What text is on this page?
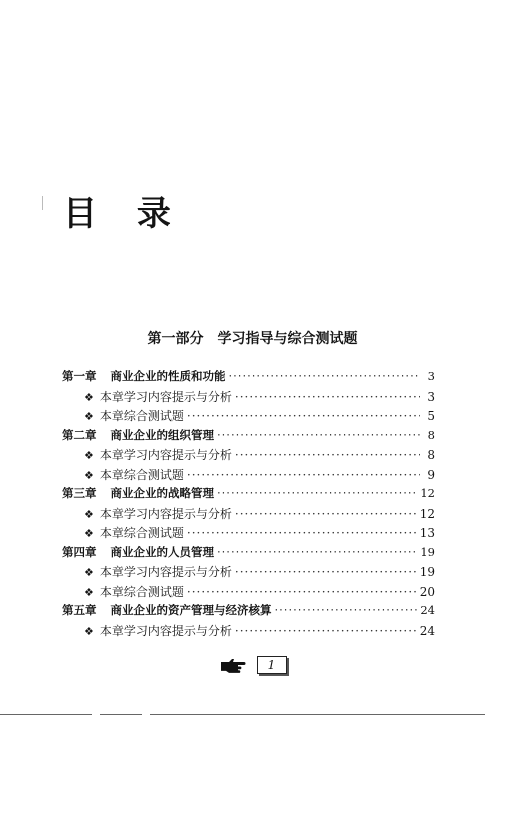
目 录
第一部分 学习指导与综合测试题
第一章 商业企业的性质和功能 ·····	3
❖ 本章学习内容提示与分析 ·····	3
❖ 本章综合测试题 ·····	5
第二章 商业企业的组织管理 ·····	8
❖ 本章学习内容提示与分析 ·····	8
❖ 本章综合测试题 ·····	9
第三章 商业企业的战略管理 ·····	12
❖ 本章学习内容提示与分析 ·····	12
❖ 本章综合测试题 ·····	13
第四章 商业企业的人员管理 ·····	19
❖ 本章学习内容提示与分析 ·····	19
❖ 本章综合测试题 ·····	20
第五章 商业企业的资产管理与经济核算 ·····	24
❖ 本章学习内容提示与分析 ·····	24
1
